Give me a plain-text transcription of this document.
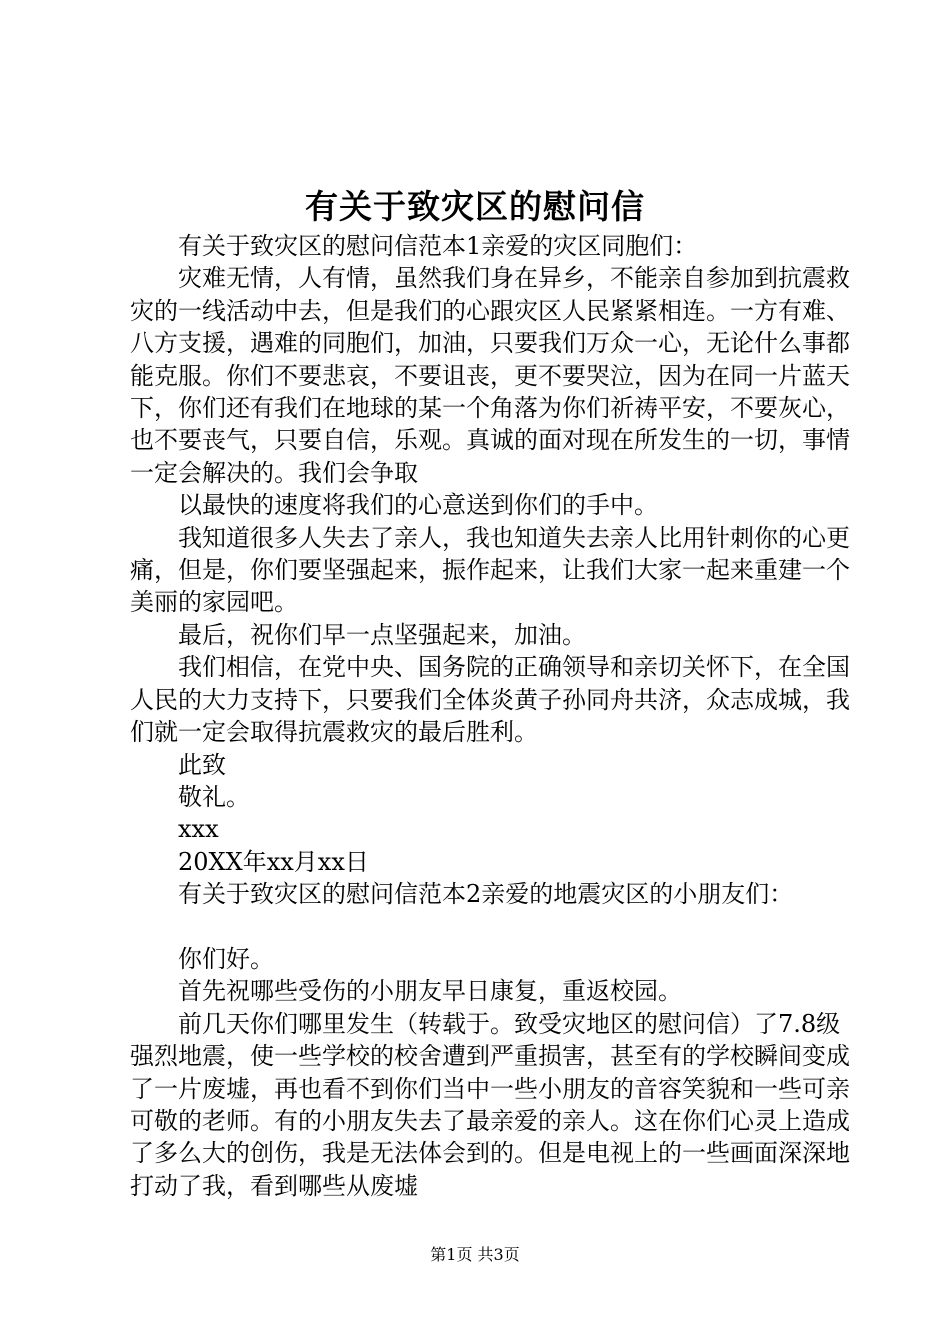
有关于致灾区的慰问信

有关于致灾区的慰问信范本1亲爱的灾区同胞们：

灾难无情，人有情，虽然我们身在异乡，不能亲自参加到抗震救灾的一线活动中去，但是我们的心跟灾区人民紧紧相连。一方有难、八方支援，遇难的同胞们，加油，只要我们万众一心，无论什么事都能克服。你们不要悲哀，不要诅丧，更不要哭泣，因为在同一片蓝天下，你们还有我们在地球的某一个角落为你们祈祷平安，不要灰心，也不要丧气，只要自信，乐观。真诚的面对现在所发生的一切，事情一定会解决的。我们会争取

以最快的速度将我们的心意送到你们的手中。

我知道很多人失去了亲人，我也知道失去亲人比用针刺你的心更痛，但是，你们要坚强起来，振作起来，让我们大家一起来重建一个美丽的家园吧。

最后，祝你们早一点坚强起来，加油。

我们相信，在党中央、国务院的正确领导和亲切关怀下，在全国人民的大力支持下，只要我们全体炎黄子孙同舟共济，众志成城，我们就一定会取得抗震救灾的最后胜利。

此致

敬礼。

xxx

20XX年xx月xx日

有关于致灾区的慰问信范本2亲爱的地震灾区的小朋友们：

你们好。

首先祝哪些受伤的小朋友早日康复，重返校园。

前几天你们哪里发生（转载于。致受灾地区的慰问信）了7.8级强烈地震，使一些学校的校舍遭到严重损害，甚至有的学校瞬间变成了一片废墟，再也看不到你们当中一些小朋友的音容笑貌和一些可亲可敬的老师。有的小朋友失去了最亲爱的亲人。这在你们心灵上造成了多么大的创伤，我是无法体会到的。但是电视上的一些画面深深地打动了我，看到哪些从废墟

第1页 共3页
